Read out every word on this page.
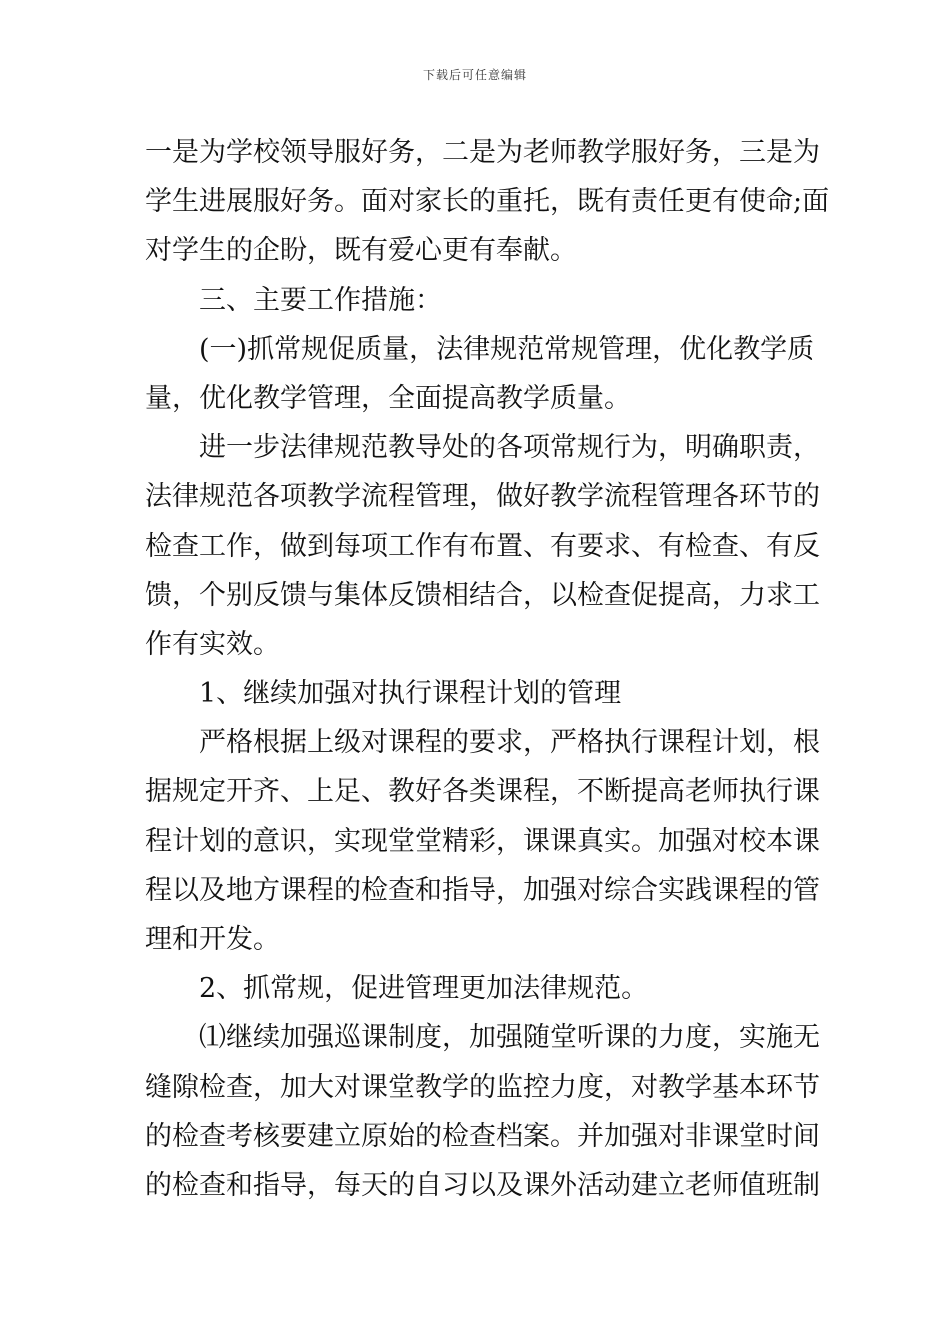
下载后可任意编辑
一是为学校领导服好务，二是为老师教学服好务，三是为
学生进展服好务。面对家长的重托，既有责任更有使命;面
对学生的企盼，既有爱心更有奉献。
三、主要工作措施：
(一)抓常规促质量，法律规范常规管理，优化教学质
量，优化教学管理，全面提高教学质量。
进一步法律规范教导处的各项常规行为，明确职责，
法律规范各项教学流程管理，做好教学流程管理各环节的
检查工作，做到每项工作有布置、有要求、有检查、有反
馈，个别反馈与集体反馈相结合，以检查促提高，力求工
作有实效。
1、继续加强对执行课程计划的管理
严格根据上级对课程的要求，严格执行课程计划，根
据规定开齐、上足、教好各类课程，不断提高老师执行课
程计划的意识，实现堂堂精彩，课课真实。加强对校本课
程以及地方课程的检查和指导，加强对综合实践课程的管
理和开发。
2、抓常规，促进管理更加法律规范。
⑴继续加强巡课制度，加强随堂听课的力度，实施无
缝隙检查，加大对课堂教学的监控力度，对教学基本环节
的检查考核要建立原始的检查档案。并加强对非课堂时间
的检查和指导，每天的自习以及课外活动建立老师值班制
